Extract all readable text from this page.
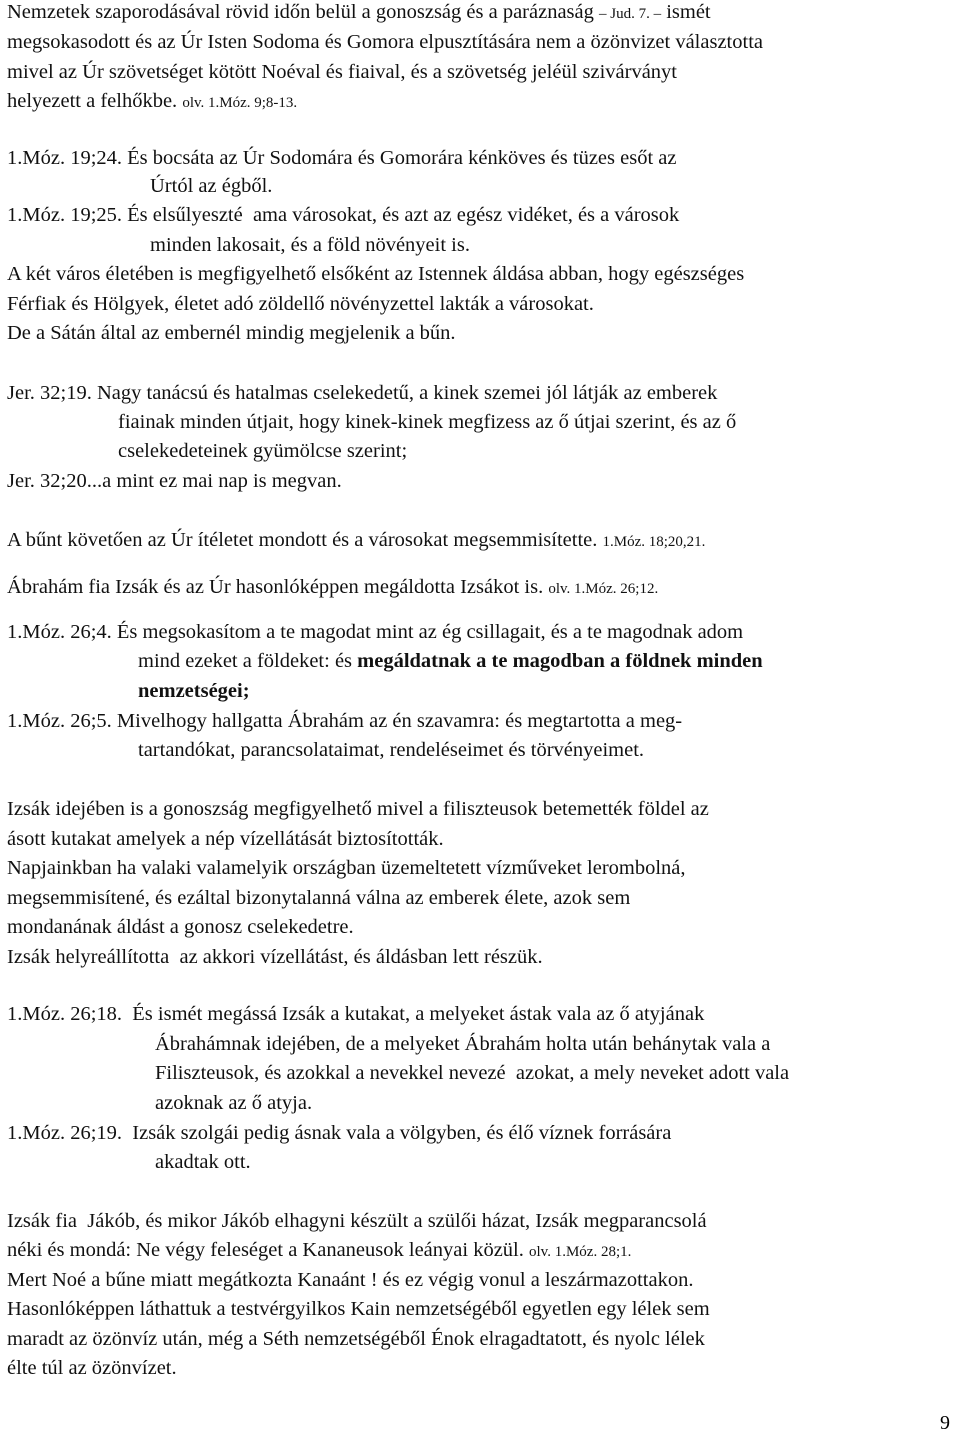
Nemzetek szaporodásával rövid időn belül a gonoszság és a paráznaság – Jud. 7. – ismét
megsokasodott és az Úr Isten Sodoma és Gomora elpusztítására nem a özönvizet választotta
mivel az Úr szövetséget kötött Noéval és fiaival, és a szövetség jeléül szivárványt
helyezett a felhőkbe. olv. 1.Móz. 9;8-13.
1.Móz. 19;24. És bocsáta az Úr Sodomára és Gomorára kénköves és tüzes esőt az
Úrtól az égből.
1.Móz. 19;25. És elsűlyeszté  ama városokat, és azt az egész vidéket, és a városok
minden lakosait, és a föld növényeit is.
A két város életében is megfigyelhető elsőként az Istennek áldása abban, hogy egészséges
Férfiak és Hölgyek, életet adó zöldellő növényzettel lakták a városokat.
De a Sátán által az embernél mindig megjelenik a bűn.
Jer. 32;19. Nagy tanácsú és hatalmas cselekedetű, a kinek szemei jól látják az emberek
fiainak minden útjait, hogy kinek-kinek megfizess az ő útjai szerint, és az ő
cselekedeteinek gyümölcse szerint;
Jer. 32;20...a mint ez mai nap is megvan.
A bűnt követően az Úr ítéletet mondott és a városokat megsemmisítette. 1.Móz. 18;20,21.
Ábrahám fia Izsák és az Úr hasonlóképpen megáldotta Izsákot is. olv. 1.Móz. 26;12.
1.Móz. 26;4. És megsokasítom a te magodat mint az ég csillagait, és a te magodnak adom
mind ezeket a földeket: és megáldatnak a te magodban a földnek minden
nemzetségei;
1.Móz. 26;5. Mivelhogy hallgatta Ábrahám az én szavamra: és megtartotta a meg-
tartandókat, parancsolataimat, rendeléseimet és törvényeimet.
Izsák idejében is a gonoszság megfigyelhető mivel a filiszteusok betemették földel az
ásott kutakat amelyek a nép vízellátását biztosították.
Napjainkban ha valaki valamelyik országban üzemeltetett vízműveket lerombolná,
megsemmisítené, és ezáltal bizonytalanná válna az emberek élete, azok sem
mondanának áldást a gonosz cselekedetre.
Izsák helyreállította  az akkori vízellátást, és áldásban lett részük.
1.Móz. 26;18.  És ismét megássá Izsák a kutakat, a melyeket ástak vala az ő atyjának
Ábrahámnak idejében, de a melyeket Ábrahám holta után behánytak vala a
Filiszteusok, és azokkal a nevekkel nevezé  azokat, a mely neveket adott vala
azoknak az ő atyja.
1.Móz. 26;19.  Izsák szolgái pedig ásnak vala a völgyben, és élő víznek forrására
akadtak ott.
Izsák fia  Jákób, és mikor Jákób elhagyni készült a szülői házat, Izsák megparancsolá
néki és mondá: Ne végy feleséget a Kananeusok leányai közül. olv. 1.Móz. 28;1.
Mert Noé a bűne miatt megátkozta Kanaánt ! és ez végig vonul a leszármazottakon.
Hasonlóképpen láthattuk a testvérgyilkos Kain nemzetségéből egyetlen egy lélek sem
maradt az özönvíz után, még a Séth nemzetségéből Énok elragadtatott, és nyolc lélek
élte túl az özönvízet.
9
